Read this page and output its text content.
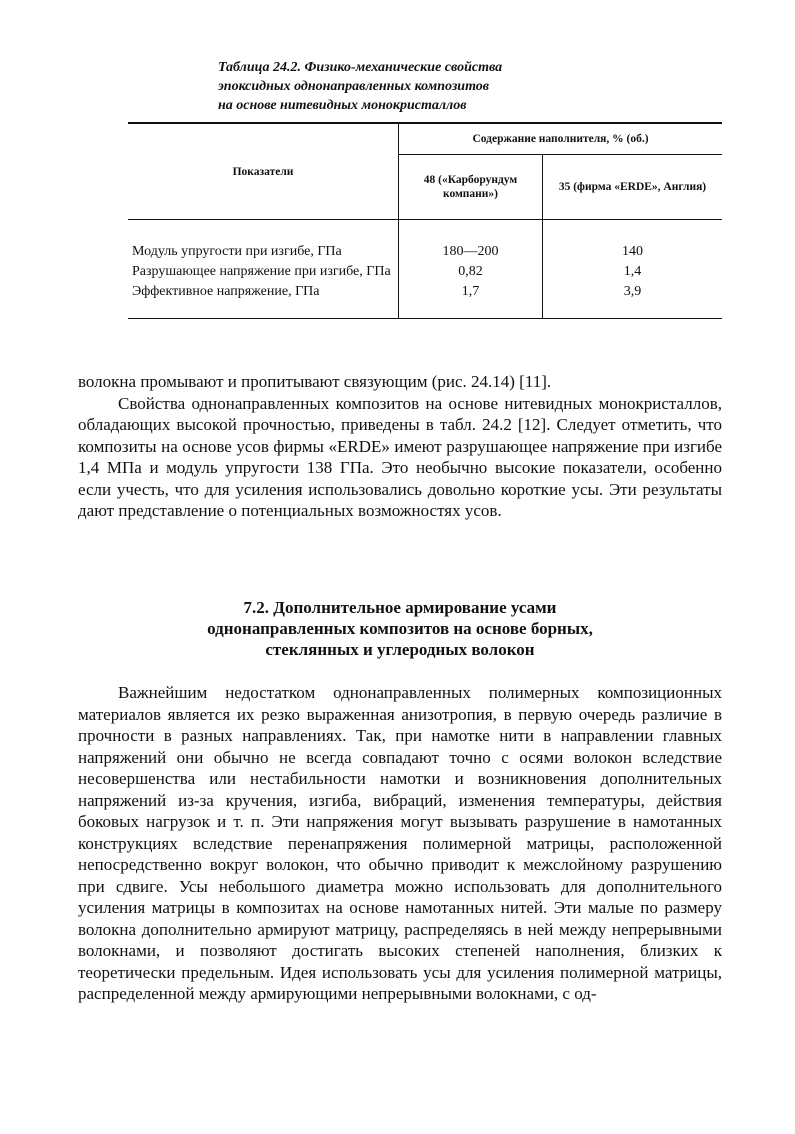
Таблица 24.2. Физико-механические свойства
эпоксидных однонаправленных композитов
на основе нитевидных монокристаллов
Показатели	Содержание наполнителя, % (об.)	
	48 («Карборундум компани»)	35 (фирма «ERDE», Англия)

Модуль упругости при изгибе, ГПа	180—200	140
Разрушающее напряжение при изгибе, ГПа	0,82	1,4
Эффективное напряжение, ГПа	1,7	3,9

волокна промывают и пропитывают связующим (рис. 24.14) [11].

Свойства однонаправленных композитов на основе нитевидных монокристаллов, обладающих высокой прочностью, приведены в табл. 24.2 [12]. Следует отметить, что композиты на основе усов фирмы «ERDE» имеют разрушающее напряжение при изгибе 1,4 МПа и модуль упругости 138 ГПа. Это необычно высокие показатели, особенно если учесть, что для усиления использовались довольно короткие усы. Эти результаты дают представление о потенциальных возможностях усов.

7.2. Дополнительное армирование усами
однонаправленных композитов на основе борных,
стеклянных и углеродных волокон

Важнейшим недостатком однонаправленных полимерных композиционных материалов является их резко выраженная анизотропия, в первую очередь различие в прочности в разных направлениях. Так, при намотке нити в направлении главных напряжений они обычно не всегда совпадают точно с осями волокон вследствие несовершенства или нестабильности намотки и возникновения дополнительных напряжений из-за кручения, изгиба, вибраций, изменения температуры, действия боковых нагрузок и т. п. Эти напряжения могут вызывать разрушение в намотанных конструкциях вследствие перенапряжения полимерной матрицы, расположенной непосредственно вокруг волокон, что обычно приводит к межслойному разрушению при сдвиге. Усы небольшого диаметра можно использовать для дополнительного усиления матрицы в композитах на основе намотанных нитей. Эти малые по размеру волокна дополнительно армируют матрицу, распределяясь в ней между непрерывными волокнами, и позволяют достигать высоких степеней наполнения, близких к теоретически предельным. Идея использовать усы для усиления полимерной матрицы, распределенной между армирующими непрерывными волокнами, с од-
